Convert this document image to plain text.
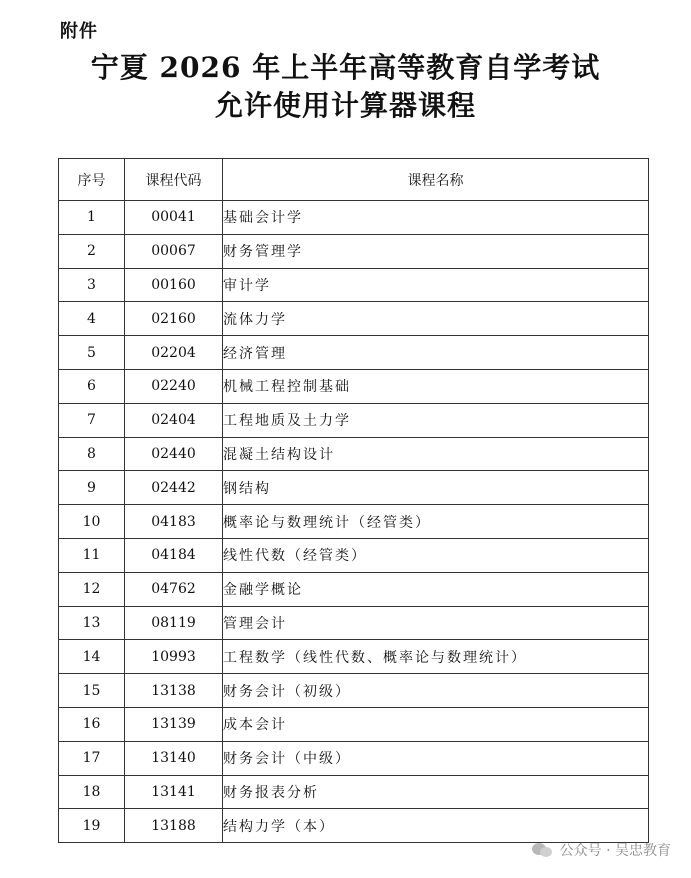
附件
宁夏 2026 年上半年高等教育自学考试
允许使用计算器课程
序号	课程代码	课程名称
1	00041	基础会计学
2	00067	财务管理学
3	00160	审计学
4	02160	流体力学
5	02204	经济管理
6	02240	机械工程控制基础
7	02404	工程地质及土力学
8	02440	混凝土结构设计
9	02442	钢结构
10	04183	概率论与数理统计（经管类）
11	04184	线性代数（经管类）
12	04762	金融学概论
13	08119	管理会计
14	10993	工程数学（线性代数、概率论与数理统计）
15	13138	财务会计（初级）
16	13139	成本会计
17	13140	财务会计（中级）
18	13141	财务报表分析
19	13188	结构力学（本）
公众号 · 吴忠教育
